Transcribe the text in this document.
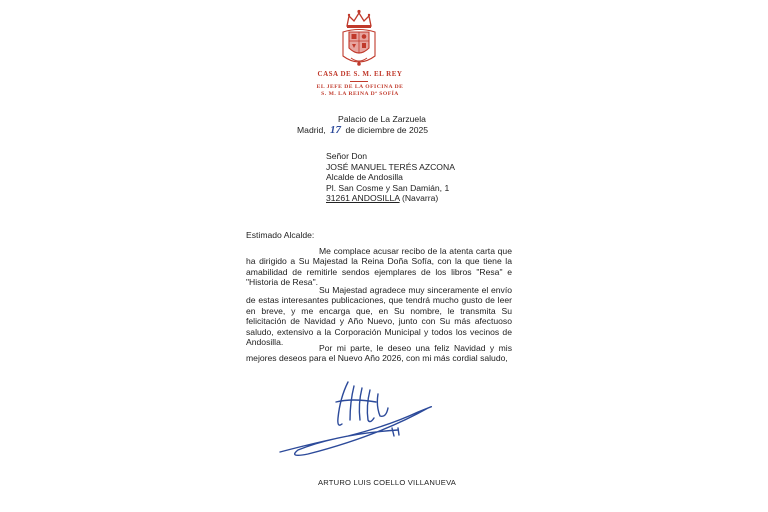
CASA DE S. M. EL REY
EL JEFE DE LA OFICINA DE
S. M. LA REINA Dª SOFÍA
Palacio de La Zarzuela
Madrid, 17 de diciembre de 2025
Señor Don
JOSÉ MANUEL TERÉS AZCONA
Alcalde de Andosilla
Pl. San Cosme y San Damián, 1
31261 ANDOSILLA (Navarra)
Estimado Alcalde:
Me complace acusar recibo de la atenta carta que ha dirigido a Su Majestad la Reina Doña Sofía, con la que tiene la amabilidad de remitirle sendos ejemplares de los libros "Resa" e "Historia de Resa".
Su Majestad agradece muy sinceramente el envío de estas interesantes publicaciones, que tendrá mucho gusto de leer en breve, y me encarga que, en Su nombre, le transmita Su felicitación de Navidad y Año Nuevo, junto con Su más afectuoso saludo, extensivo a la Corporación Municipal y todos los vecinos de Andosilla.
Por mi parte, le deseo una feliz Navidad y mis mejores deseos para el Nuevo Año 2026, con mi más cordial saludo,
ARTURO LUIS COELLO VILLANUEVA
